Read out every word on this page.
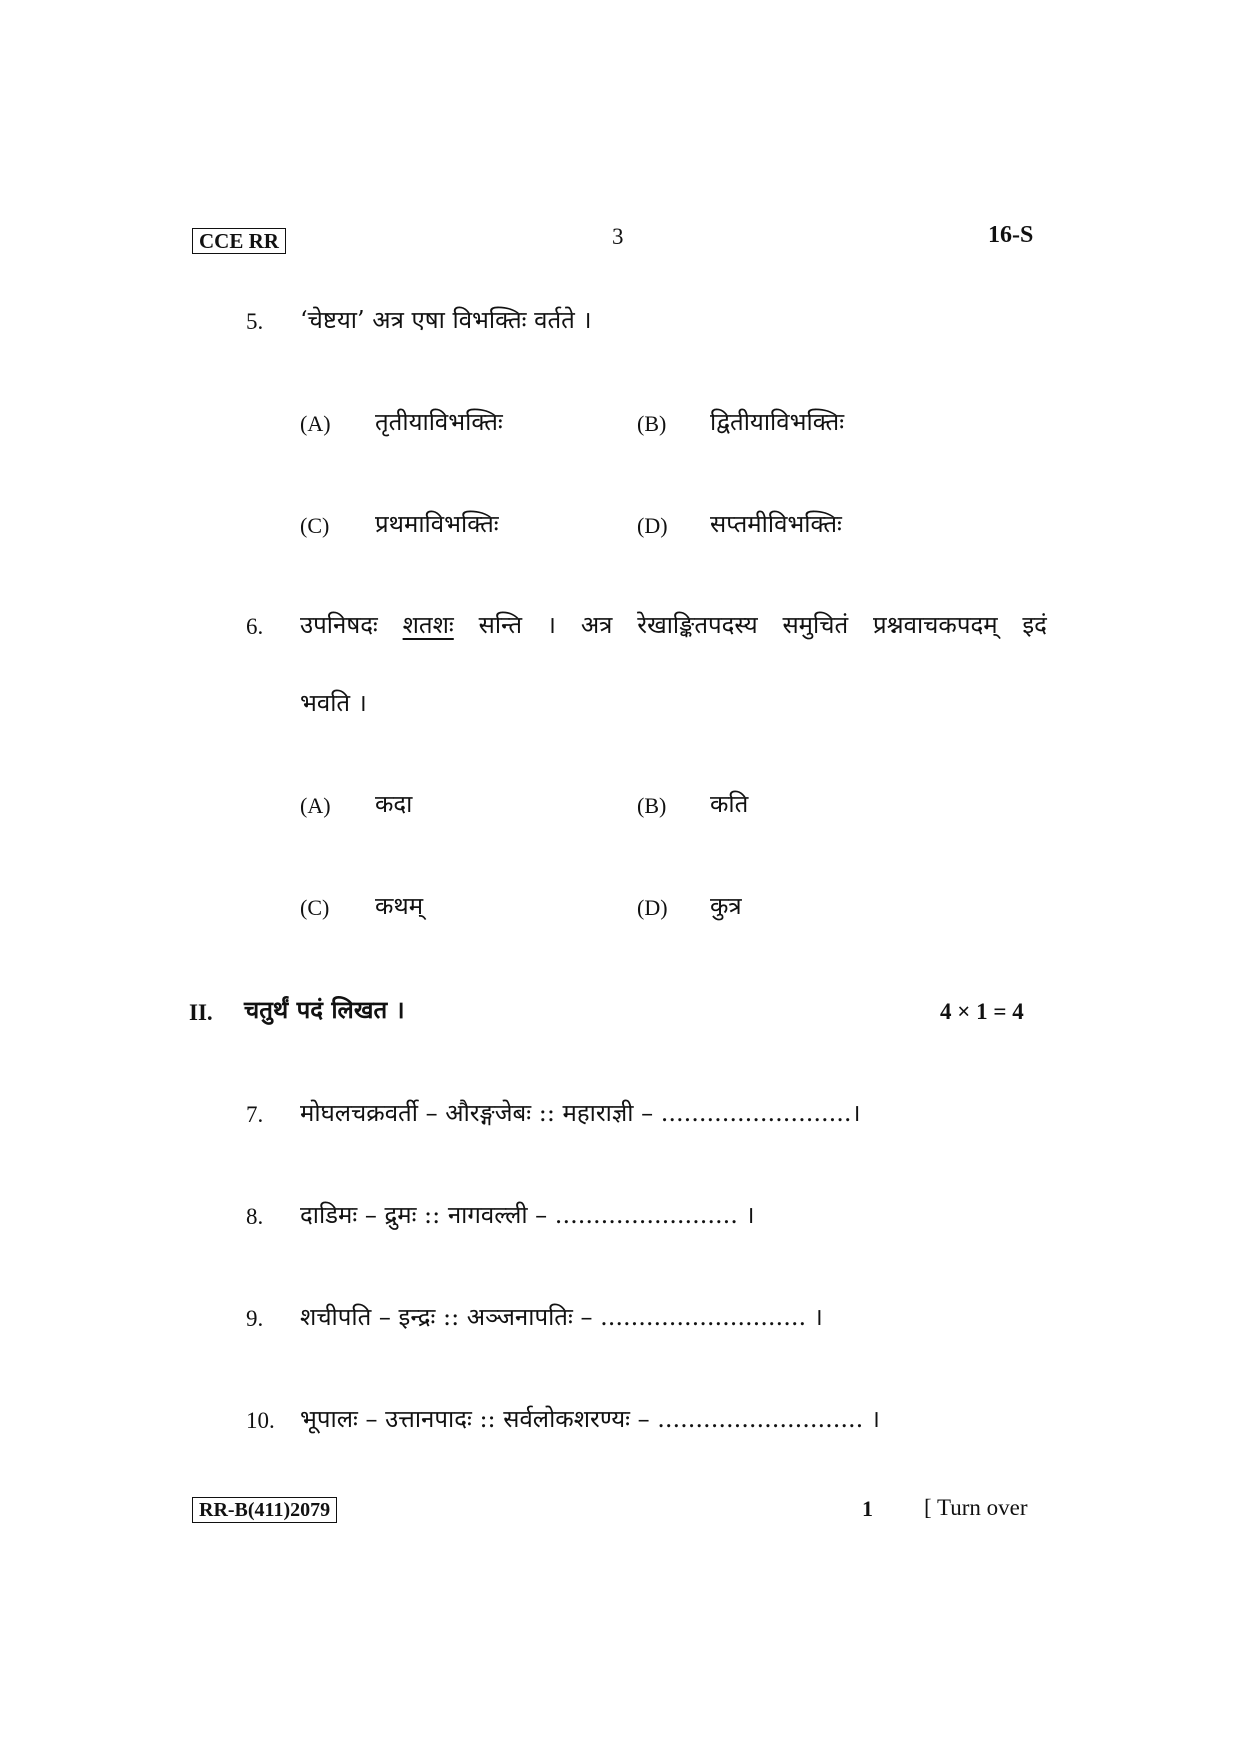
CCE RR	3	16-S
5. ‘चेष्टया’ अत्र एषा विभक्तिः वर्तते ।
(A) तृतीयाविभक्तिः	(B) द्वितीयाविभक्तिः
(C) प्रथमाविभक्तिः	(D) सप्तमीविभक्तिः
6. उपनिषदः शतशः सन्ति । अत्र रेखाङ्कितपदस्य समुचितं प्रश्नवाचकपदम् इदं
भवति ।
(A) कदा	(B) कति
(C) कथम्	(D) कुत्र
II. चतुर्थं पदं लिखत ।	4 × 1 = 4
7. मोघलचक्रवर्ती – औरङ्गजेबः :: महाराज्ञी – .........................।
8. दाडिमः – द्रुमः :: नागवल्ली – ........................ ।
9. शचीपति – इन्द्रः :: अञ्जनापतिः – ........................... ।
10. भूपालः – उत्तानपादः :: सर्वलोकशरण्यः – ........................... ।
RR-B(411)2079	1 [ Turn over
